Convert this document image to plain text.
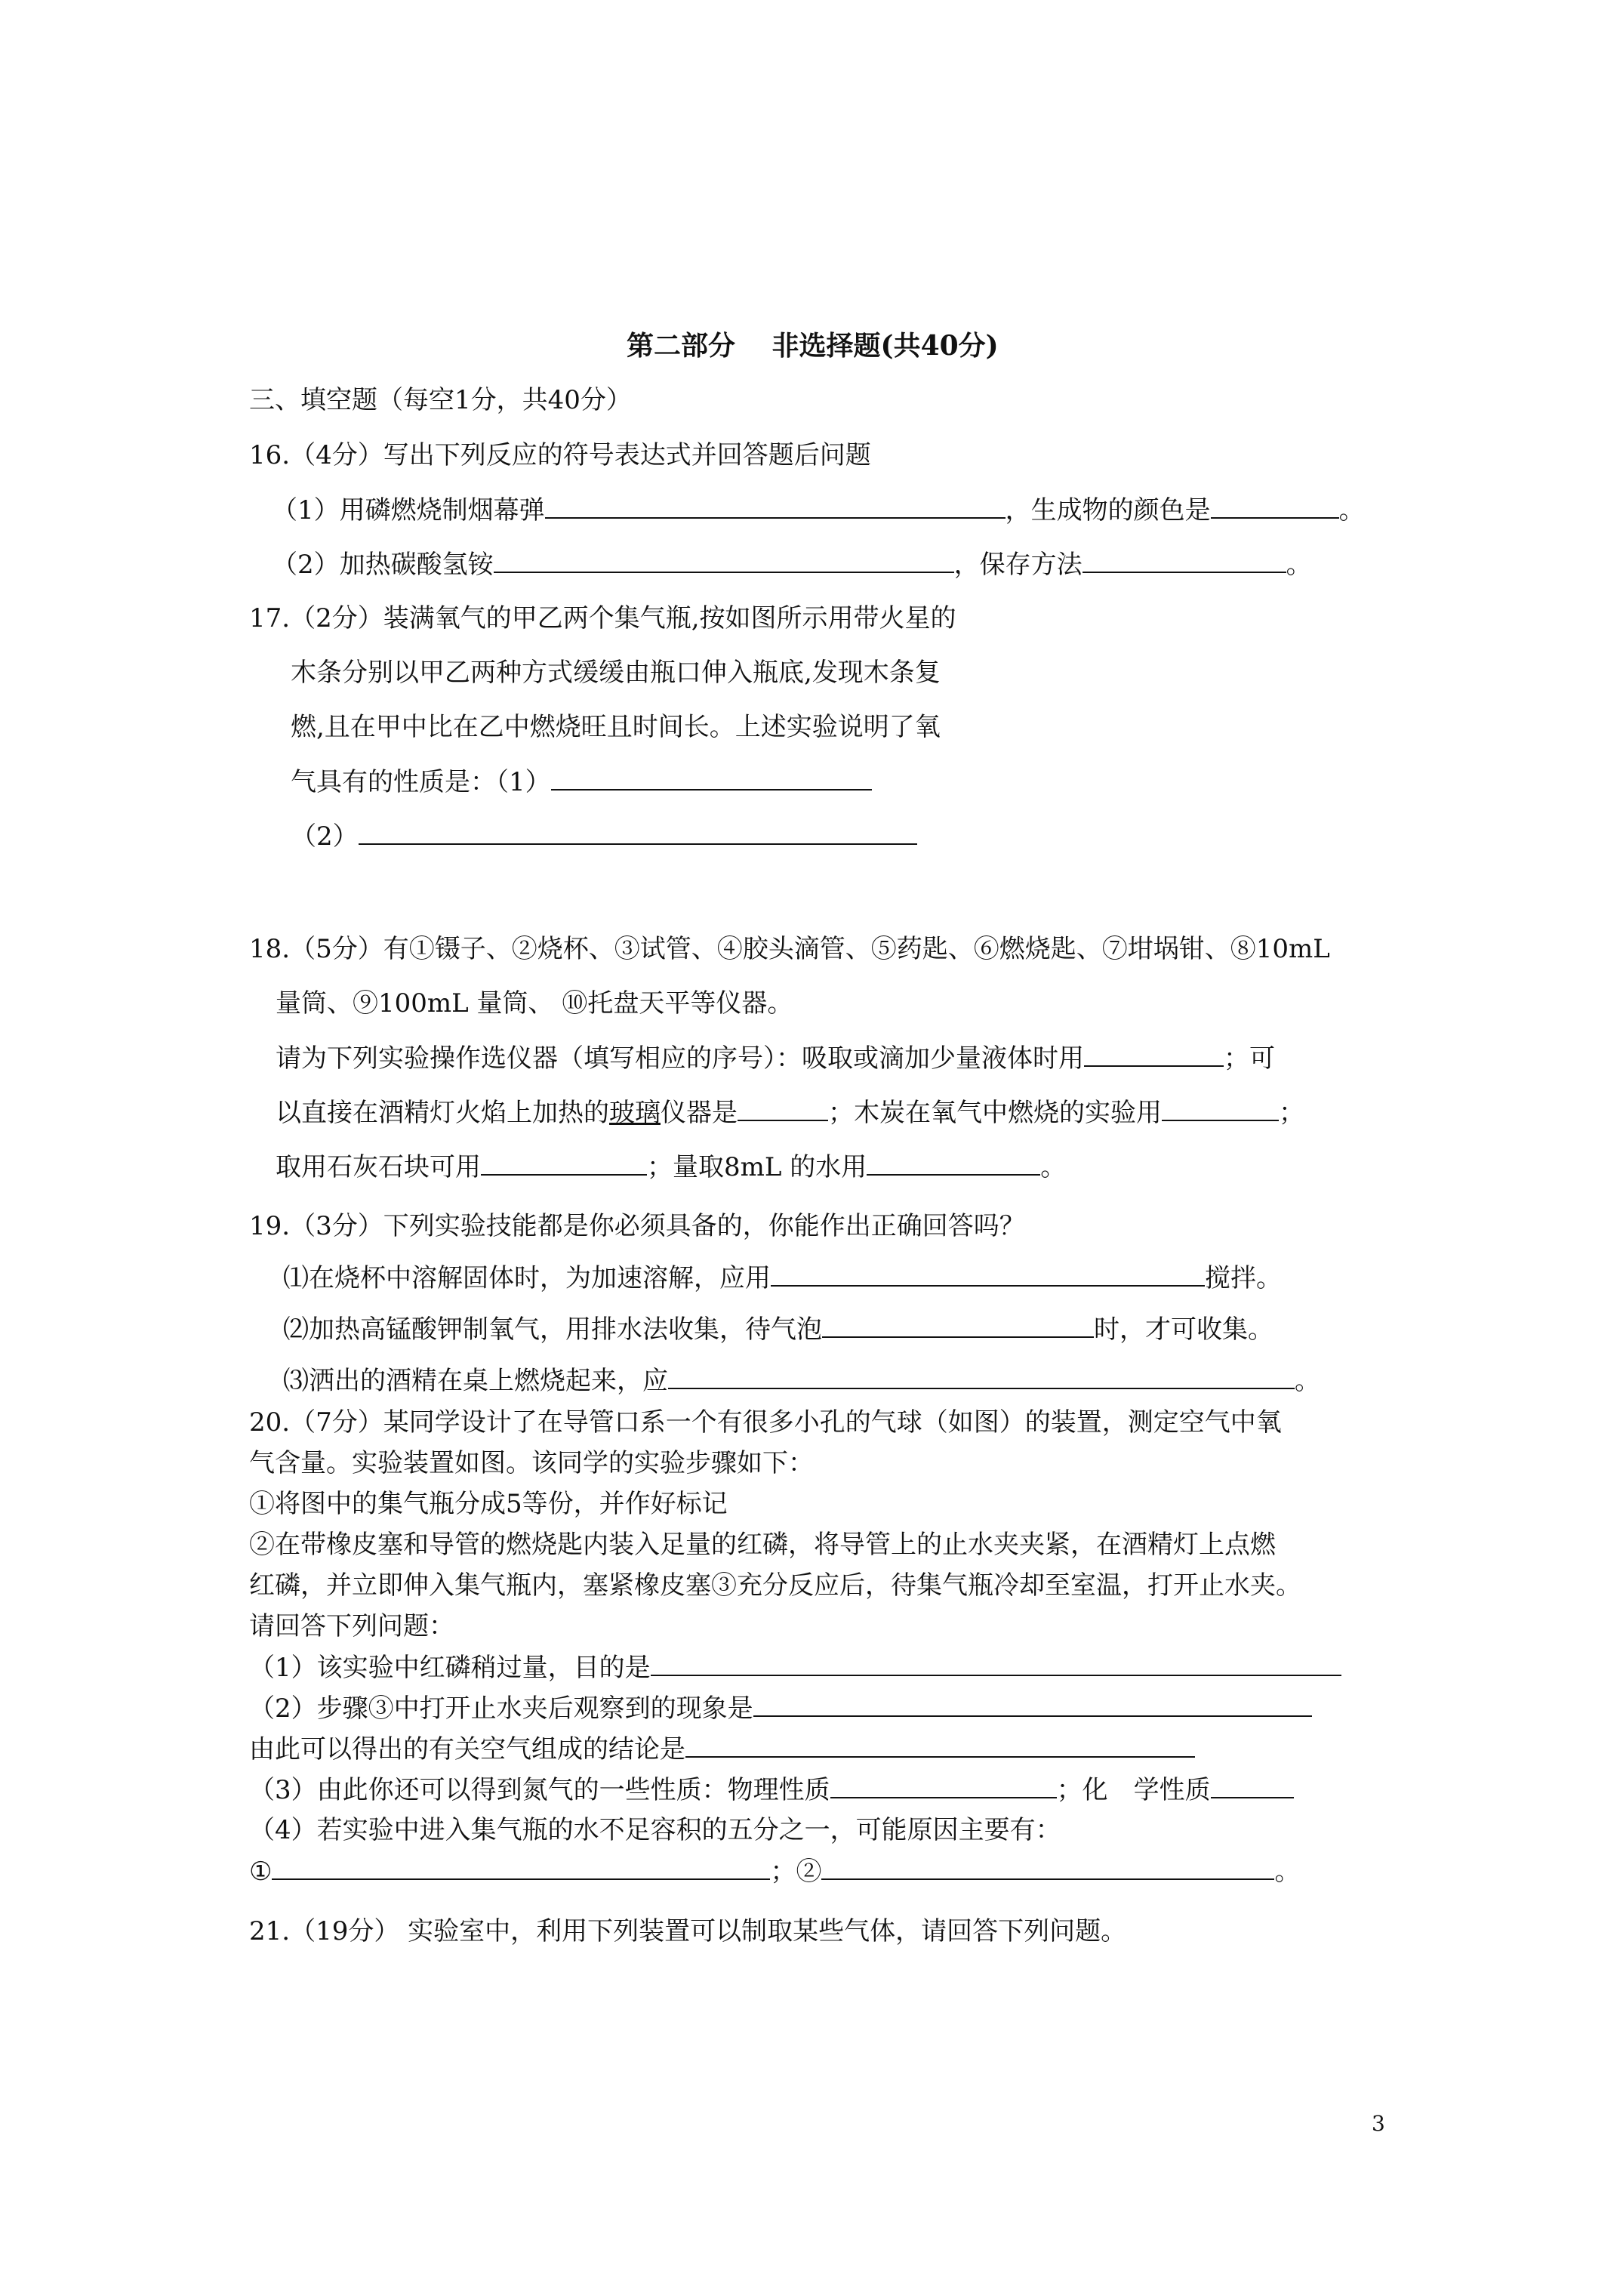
第二部分　 非选择题(共40分)
三、填空题（每空1分，共40分）
16.（4分）写出下列反应的符号表达式并回答题后问题
（1）用磷燃烧制烟幕弹	，生成物的颜色是	。
（2）加热碳酸氢铵	，保存方法	。
17.（2分）装满氧气的甲乙两个集气瓶,按如图所示用带火星的
木条分别以甲乙两种方式缓缓由瓶口伸入瓶底,发现木条复
燃,且在甲中比在乙中燃烧旺且时间长。上述实验说明了氧
气具有的性质是：（1）
（2）
18.（5分）有①镊子、②烧杯、③试管、④胶头滴管、⑤药匙、⑥燃烧匙、⑦坩埚钳、⑧10mL
量筒、⑨100mL 量筒、 ⑩托盘天平等仪器。
请为下列实验操作选仪器（填写相应的序号）：吸取或滴加少量液体时用	；可
以直接在酒精灯火焰上加热的玻璃仪器是	；木炭在氧气中燃烧的实验用	；
取用石灰石块可用	；量取8mL 的水用	。
19.（3分）下列实验技能都是你必须具备的，你能作出正确回答吗？
⑴在烧杯中溶解固体时，为加速溶解，应用	搅拌。
⑵加热高锰酸钾制氧气，用排水法收集，待气泡	时，才可收集。
⑶洒出的酒精在桌上燃烧起来，应	。
20.（7分）某同学设计了在导管口系一个有很多小孔的气球（如图）的装置，测定空气中氧
气含量。实验装置如图。该同学的实验步骤如下：
①将图中的集气瓶分成5等份，并作好标记
②在带橡皮塞和导管的燃烧匙内装入足量的红磷，将导管上的止水夹夹紧，在酒精灯上点燃
红磷，并立即伸入集气瓶内，塞紧橡皮塞③充分反应后，待集气瓶冷却至室温，打开止水夹。
请回答下列问题：
（1）该实验中红磷稍过量，目的是
（2）步骤③中打开止水夹后观察到的现象是
由此可以得出的有关空气组成的结论是
（3）由此你还可以得到氮气的一些性质：物理性质	；化　学性质
（4）若实验中进入集气瓶的水不足容积的五分之一，可能原因主要有：
①	；②	。
21.（19分） 实验室中，利用下列装置可以制取某些气体，请回答下列问题。
3
